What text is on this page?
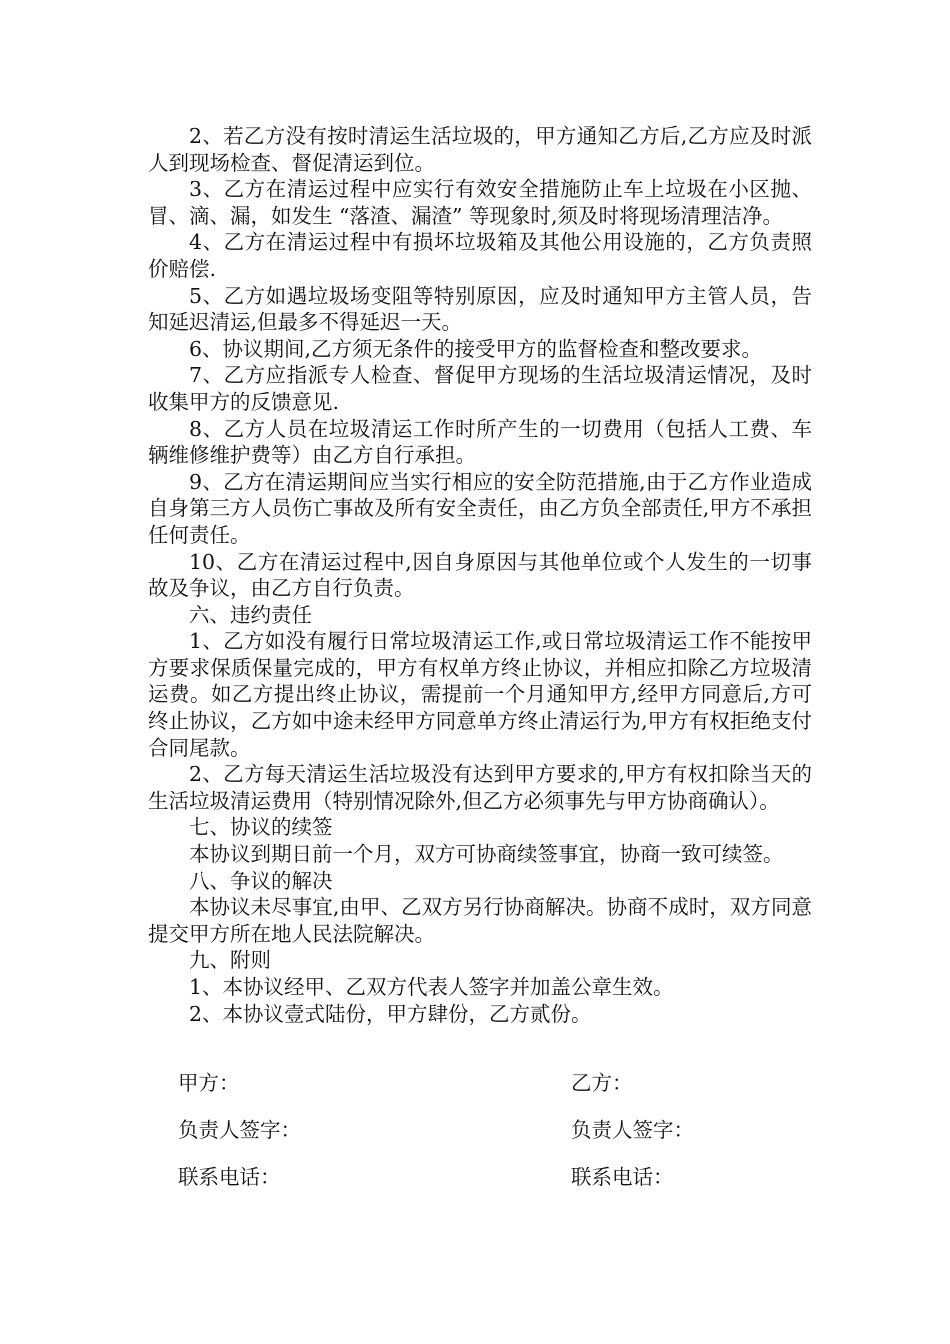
2、若乙方没有按时清运生活垃圾的，甲方通知乙方后,乙方应及时派人到现场检查、督促清运到位。

3、乙方在清运过程中应实行有效安全措施防止车上垃圾在小区抛、冒、滴、漏，如发生 “落渣、漏渣” 等现象时,须及时将现场清理洁净。

4、乙方在清运过程中有损坏垃圾箱及其他公用设施的，乙方负责照价赔偿.

5、乙方如遇垃圾场变阻等特别原因，应及时通知甲方主管人员，告知延迟清运,但最多不得延迟一天。

6、协议期间,乙方须无条件的接受甲方的监督检查和整改要求。

7、乙方应指派专人检查、督促甲方现场的生活垃圾清运情况，及时收集甲方的反馈意见.

8、乙方人员在垃圾清运工作时所产生的一切费用（包括人工费、车辆维修维护费等）由乙方自行承担。

9、乙方在清运期间应当实行相应的安全防范措施,由于乙方作业造成自身第三方人员伤亡事故及所有安全责任，由乙方负全部责任,甲方不承担任何责任。

10、乙方在清运过程中,因自身原因与其他单位或个人发生的一切事故及争议，由乙方自行负责。

六、违约责任

1、乙方如没有履行日常垃圾清运工作,或日常垃圾清运工作不能按甲方要求保质保量完成的，甲方有权单方终止协议，并相应扣除乙方垃圾清运费。如乙方提出终止协议，需提前一个月通知甲方,经甲方同意后,方可终止协议，乙方如中途未经甲方同意单方终止清运行为,甲方有权拒绝支付合同尾款。

2、乙方每天清运生活垃圾没有达到甲方要求的,甲方有权扣除当天的生活垃圾清运费用（特别情况除外,但乙方必须事先与甲方协商确认）。

七、协议的续签

本协议到期日前一个月，双方可协商续签事宜，协商一致可续签。

八、争议的解决

本协议未尽事宜,由甲、乙双方另行协商解决。协商不成时，双方同意提交甲方所在地人民法院解决。

九、附则

1、本协议经甲、乙双方代表人签字并加盖公章生效。

2、本协议壹式陆份，甲方肆份，乙方贰份。

甲方：	乙方：
负责人签字：	负责人签字：
联系电话：	联系电话：
